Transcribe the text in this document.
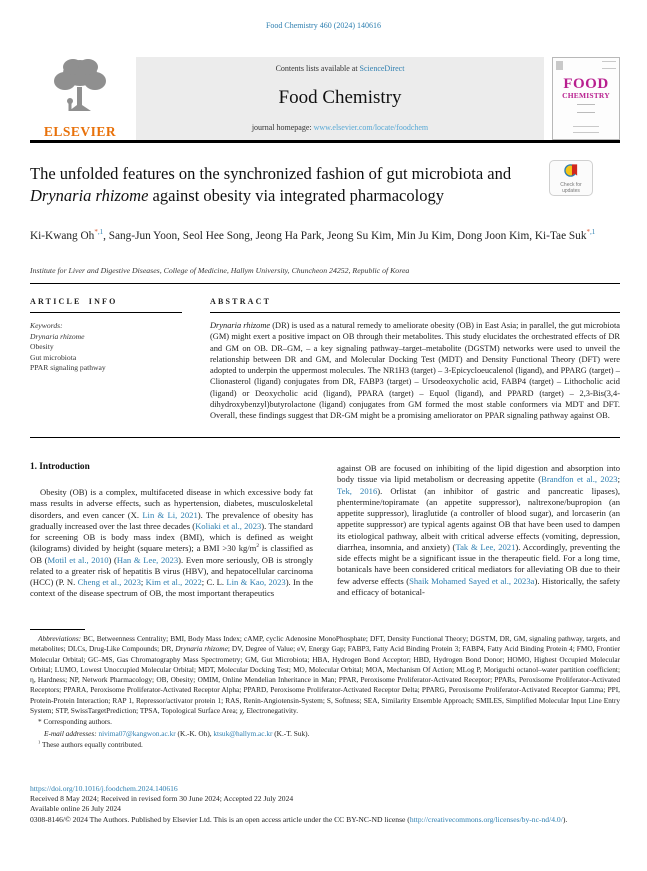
Food Chemistry 460 (2024) 140616
ELSEVIER
Contents lists available at ScienceDirect
Food Chemistry
journal homepage: www.elsevier.com/locate/foodchem
FOOD
CHEMISTRY
The unfolded features on the synchronized fashion of gut microbiota and Drynaria rhizome against obesity via integrated pharmacology
Check for
updates
Ki-Kwang $Oh^{*,1}$, Sang-Jun Yoon, Seol Hee Song, Jeong Ha Park, Jeong Su Kim, Min Ju Kim, Dong Joon Kim, Ki-Tae Suk$^{*,1}$
Institute for Liver and Digestive Diseases, College of Medicine, Hallym University, Chuncheon 24252, Republic of Korea
ARTICLE INFO	ABSTRACT
Keywords:
Drynaria rhizome
Obesity
Gut microbiota
PPAR signaling pathway
Drynaria rhizome (DR) is used as a natural remedy to ameliorate obesity (OB) in East Asia; in parallel, the gut microbiota (GM) might exert a positive impact on OB through their metabolites. This study elucidates the orchestrated effects of DR and GM on OB. DR–GM, – a key signaling pathway–target–metabolite (DGSTM) networks were used to unveil the relationship between DR and GM, and Molecular Docking Test (MDT) and Density Functional Theory (DFT) were adopted to underpin the uppermost molecules. The NR1H3 (target) – 3-Epicycloeucalenol (ligand), and PPARG (target) – Clionasterol (ligand) conjugates from DR, FABP3 (target) – Ursodeoxycholic acid, FABP4 (target) – Lithocholic acid (ligand) or Deoxycholic acid (ligand), PPARA (target) – Equol (ligand), and PPARD (target) – 2,3-Bis(3,4-dihydroxybenzyl)butyrolactone (ligand) conjugates from GM formed the most stable conformers via MDT and DFT. Overall, these findings suggest that DR-GM might be a promising ameliorator on PPAR signaling pathway against OB.
1. Introduction
Obesity (OB) is a complex, multifaceted disease in which excessive body fat mass results in adverse effects, such as hypertension, diabetes, musculoskeletal disorders, and even cancer (X. Lin & Li, 2021). The prevalence of obesity has gradually increased over the last three decades (Koliaki et al., 2023). The standard for screening OB is body mass index (BMI), which is defined as weight (kilograms) divided by height (square meters); a BMI >30 $kg/m^2$ is classified as OB (Motil et al., 2010) (Han & Lee, 2023). Even more seriously, OB is strongly related to a greater risk of hepatitis B virus (HBV), and hepatocellular carcinoma (HCC) (P. N. Cheng et al., 2023; Kim et al., 2022; C. L. Lin & Kao, 2023). In the context of the disease spectrum of OB, the most important therapeutics
against OB are focused on inhibiting of the lipid digestion and absorption into body tissue via lipid metabolism or decreasing appetite (Brandfon et al., 2023; Tek, 2016). Orlistat (an inhibitor of gastric and pancreatic lipases), phentermine/topiramate (an appetite suppressor), naltrexone/bupropion (an appetite suppressor), liraglutide (a controller of blood sugar), and lorcaserin (an appetite suppressor) are typical agents against OB that have been used to dampen its etiological pathway, albeit with critical adverse effects (vomiting, depression, diarrhea, insomnia, and anxiety) (Tak & Lee, 2021). Accordingly, preventing the side effects might be a significant issue in the therapeutic field. For a long time, botanicals have been considered critical mediators for alleviating OB due to their few adverse effects (Shaik Mohamed Sayed et al., 2023a). Historically, the safety and efficacy of botanical-
Abbreviations: BC, Betweenness Centrality; BMI, Body Mass Index; cAMP, cyclic Adenosine MonoPhosphate; DFT, Density Functional Theory; DGSTM, DR, GM, signaling pathway, targets, and metabolites; DLCs, Drug-Like Compounds; DR, Drynaria rhizome; DV, Degree of Value; eV, Energy Gap; FABP3, Fatty Acid Binding Protein 3; FABP4, Fatty Acid Binding Protein 4; FMO, Frontier Molecular Orbital; GC–MS, Gas Chromatography Mass Spectrometry; GM, Gut Microbiota; HBA, Hydrogen Bond Acceptor; HBD, Hydrogen Bond Donor; HOMO, Highest Occupied Molecular Orbital; LUMO, Lowest Unoccupied Molecular Orbital; MDT, Molecular Docking Test; MO, Molecular Orbital; MOA, Mechanism Of Action; MLog P, Moriguchi octanol–water partition coefficient; η, Hardness; NP, Network Pharmacology; OB, Obesity; OMIM, Online Mendelian Inheritance in Man; PPAR, Peroxisome Proliferator-Activated Receptor; PPARs, Peroxisome Proliferator-Activated Receptors; PPARA, Peroxisome Proliferator-Activated Receptor Alpha; PPARD, Peroxisome Proliferator-Activated Receptor Delta; PPARG, Peroxisome Proliferator-Activated Receptor Gamma; PPI, Protein-Protein Interaction; RAP 1, Repressor/activator protein 1; RAS, Renin-Angiotensin-System; S, Softness; SEA, Similarity Ensemble Approach; SMILES, Simplified Molecular Input Line Entry System; STP, SwissTargetPrediction; TPSA, Topological Surface Area; χ, Electronegativity.
* Corresponding authors.
E-mail addresses: nivima07@kangwon.ac.kr (K.-K. Oh), ktsuk@hallym.ac.kr (K.-T. Suk).
$^1$ These authors equally contributed.
https://doi.org/10.1016/j.foodchem.2024.140616
Received 8 May 2024; Received in revised form 30 June 2024; Accepted 22 July 2024
Available online 26 July 2024
0308-8146/© 2024 The Authors. Published by Elsevier Ltd. This is an open access article under the CC BY-NC-ND license (http://creativecommons.org/licenses/by-nc-nd/4.0/).
